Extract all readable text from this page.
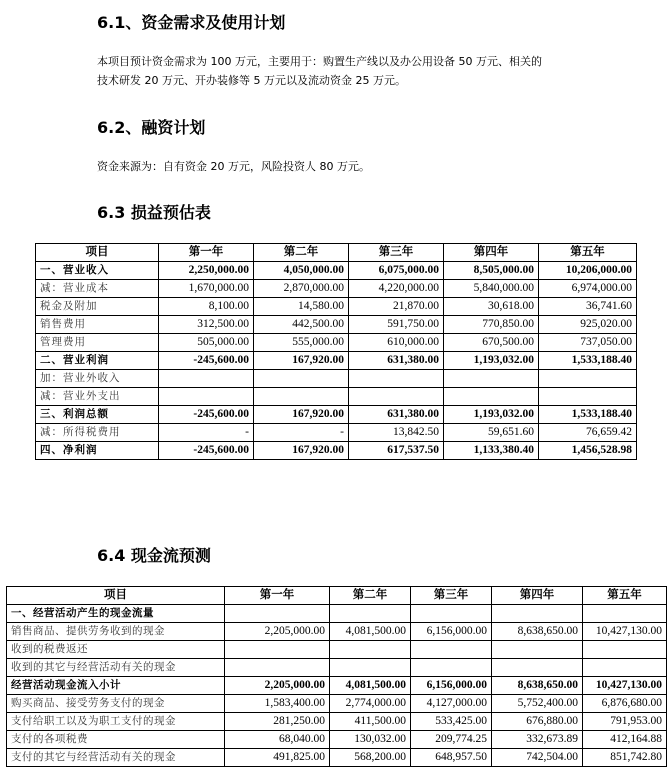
6.1、资金需求及使用计划

本项目预计资金需求为 100 万元，主要用于：购置生产线以及办公用设备 50 万元、相关的

技术研发 20 万元、开办装修等 5 万元以及流动资金 25 万元。

6.2、融资计划

资金来源为：自有资金 20 万元，风险投资人 80 万元。

6.3 损益预估表
项目	第一年	第二年	第三年	第四年	第五年
一、营业收入	2,250,000.00	4,050,000.00	6,075,000.00	8,505,000.00	10,206,000.00
减：营业成本	1,670,000.00	2,870,000.00	4,220,000.00	5,840,000.00	6,974,000.00
税金及附加	8,100.00	14,580.00	21,870.00	30,618.00	36,741.60
销售费用	312,500.00	442,500.00	591,750.00	770,850.00	925,020.00
管理费用	505,000.00	555,000.00	610,000.00	670,500.00	737,050.00
二、营业利润	-245,600.00	167,920.00	631,380.00	1,193,032.00	1,533,188.40
加：营业外收入					
减：营业外支出					
三、利润总额	-245,600.00	167,920.00	631,380.00	1,193,032.00	1,533,188.40
减：所得税费用	-	-	13,842.50	59,651.60	76,659.42
四、净利润	-245,600.00	167,920.00	617,537.50	1,133,380.40	1,456,528.98
6.4 现金流预测
项目	第一年	第二年	第三年	第四年	第五年
一、经营活动产生的现金流量					
销售商品、提供劳务收到的现金	2,205,000.00	4,081,500.00	6,156,000.00	8,638,650.00	10,427,130.00
收到的税费返还					
收到的其它与经营活动有关的现金					
经营活动现金流入小计	2,205,000.00	4,081,500.00	6,156,000.00	8,638,650.00	10,427,130.00
购买商品、接受劳务支付的现金	1,583,400.00	2,774,000.00	4,127,000.00	5,752,400.00	6,876,680.00
支付给职工以及为职工支付的现金	281,250.00	411,500.00	533,425.00	676,880.00	791,953.00
支付的各项税费	68,040.00	130,032.00	209,774.25	332,673.89	412,164.88
支付的其它与经营活动有关的现金	491,825.00	568,200.00	648,957.50	742,504.00	851,742.80
